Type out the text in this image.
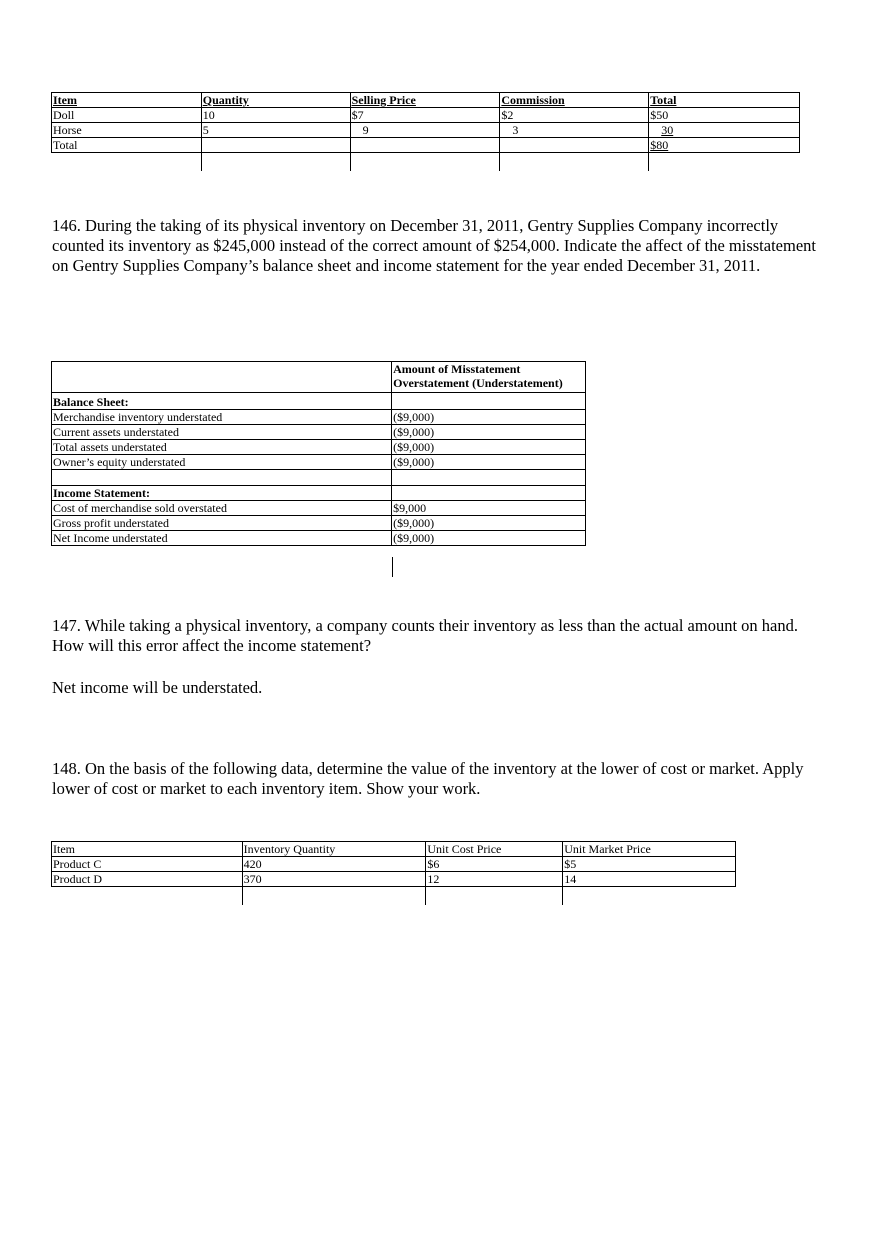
Item	Quantity	Selling Price	Commission	Total
Doll	10	$7	$2	$50
Horse	5	9	3	30
Total				$80

146. During the taking of its physical inventory on December 31, 2011, Gentry Supplies Company incorrectly counted its inventory as $245,000 instead of the correct amount of $254,000. Indicate the affect of the misstatement on Gentry Supplies Company’s balance sheet and income statement for the year ended December 31, 2011.

	Amount of Misstatement
Overstatement (Understatement)

Balance Sheet:	
Merchandise inventory understated	($9,000)
Current assets understated	($9,000)
Total assets understated	($9,000)
Owner’s equity understated	($9,000)

Income Statement:	
Cost of merchandise sold overstated	$9,000
Gross profit understated	($9,000)
Net Income understated	($9,000)

147. While taking a physical inventory, a company counts their inventory as less than the actual amount on hand. How will this error affect the income statement?

Net income will be understated.

148. On the basis of the following data, determine the value of the inventory at the lower of cost or market. Apply lower of cost or market to each inventory item. Show your work.

Item	Inventory Quantity	Unit Cost Price	Unit Market Price
Product C	420	$6	$5
Product D	370	12	14
